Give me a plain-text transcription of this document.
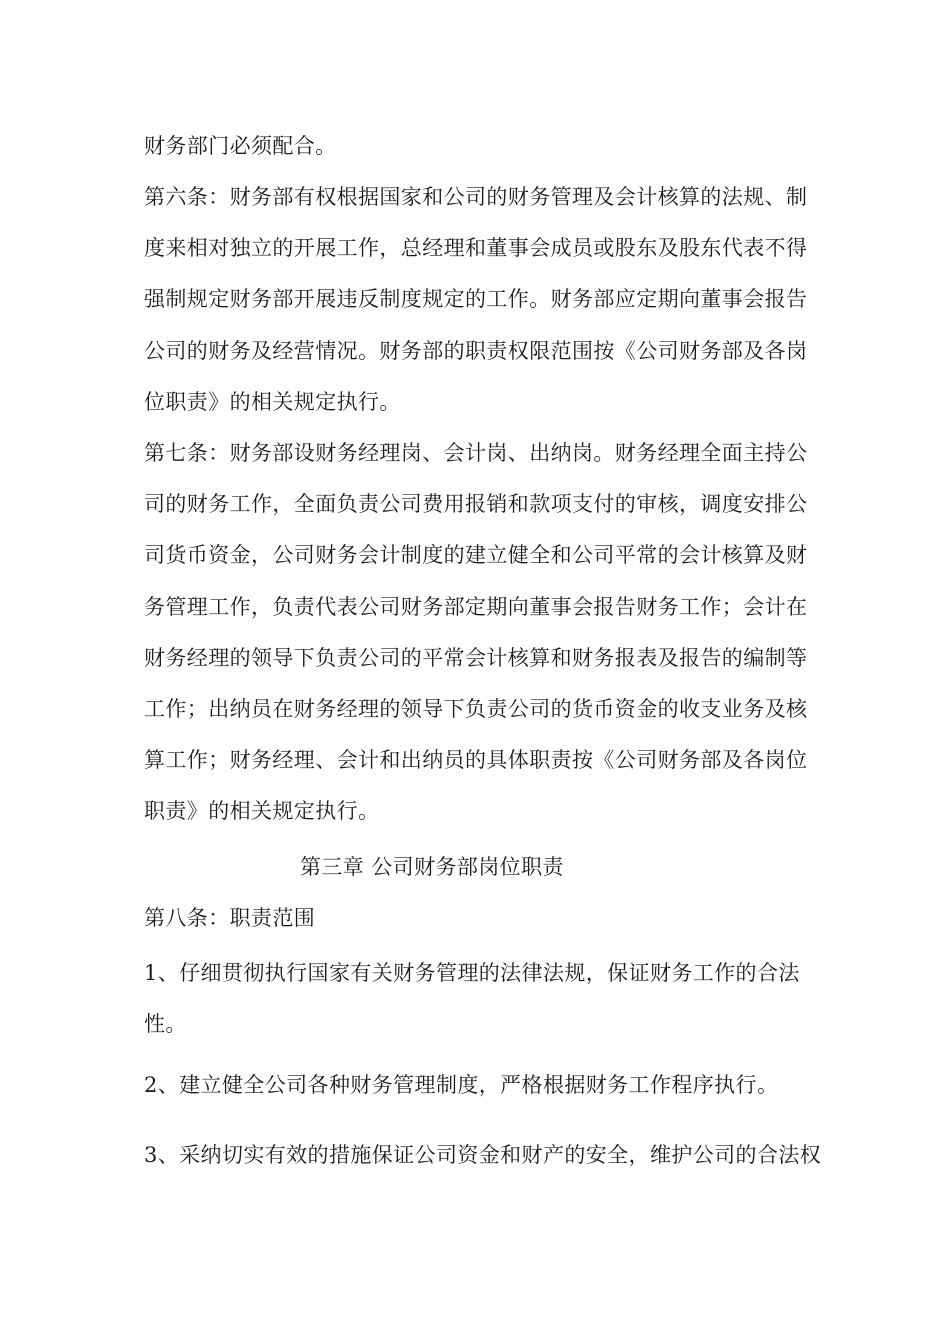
财务部门必须配合。
第六条：财务部有权根据国家和公司的财务管理及会计核算的法规、制
度来相对独立的开展工作，总经理和董事会成员或股东及股东代表不得
强制规定财务部开展违反制度规定的工作。财务部应定期向董事会报告
公司的财务及经营情况。财务部的职责权限范围按《公司财务部及各岗
位职责》的相关规定执行。
第七条：财务部设财务经理岗、会计岗、出纳岗。财务经理全面主持公
司的财务工作，全面负责公司费用报销和款项支付的审核，调度安排公
司货币资金，公司财务会计制度的建立健全和公司平常的会计核算及财
务管理工作，负责代表公司财务部定期向董事会报告财务工作；会计在
财务经理的领导下负责公司的平常会计核算和财务报表及报告的编制等
工作；出纳员在财务经理的领导下负责公司的货币资金的收支业务及核
算工作；财务经理、会计和出纳员的具体职责按《公司财务部及各岗位
职责》的相关规定执行。
第三章 公司财务部岗位职责
第八条：职责范围
1、仔细贯彻执行国家有关财务管理的法律法规，保证财务工作的合法
性。
2、建立健全公司各种财务管理制度，严格根据财务工作程序执行。
3、采纳切实有效的措施保证公司资金和财产的安全，维护公司的合法权
